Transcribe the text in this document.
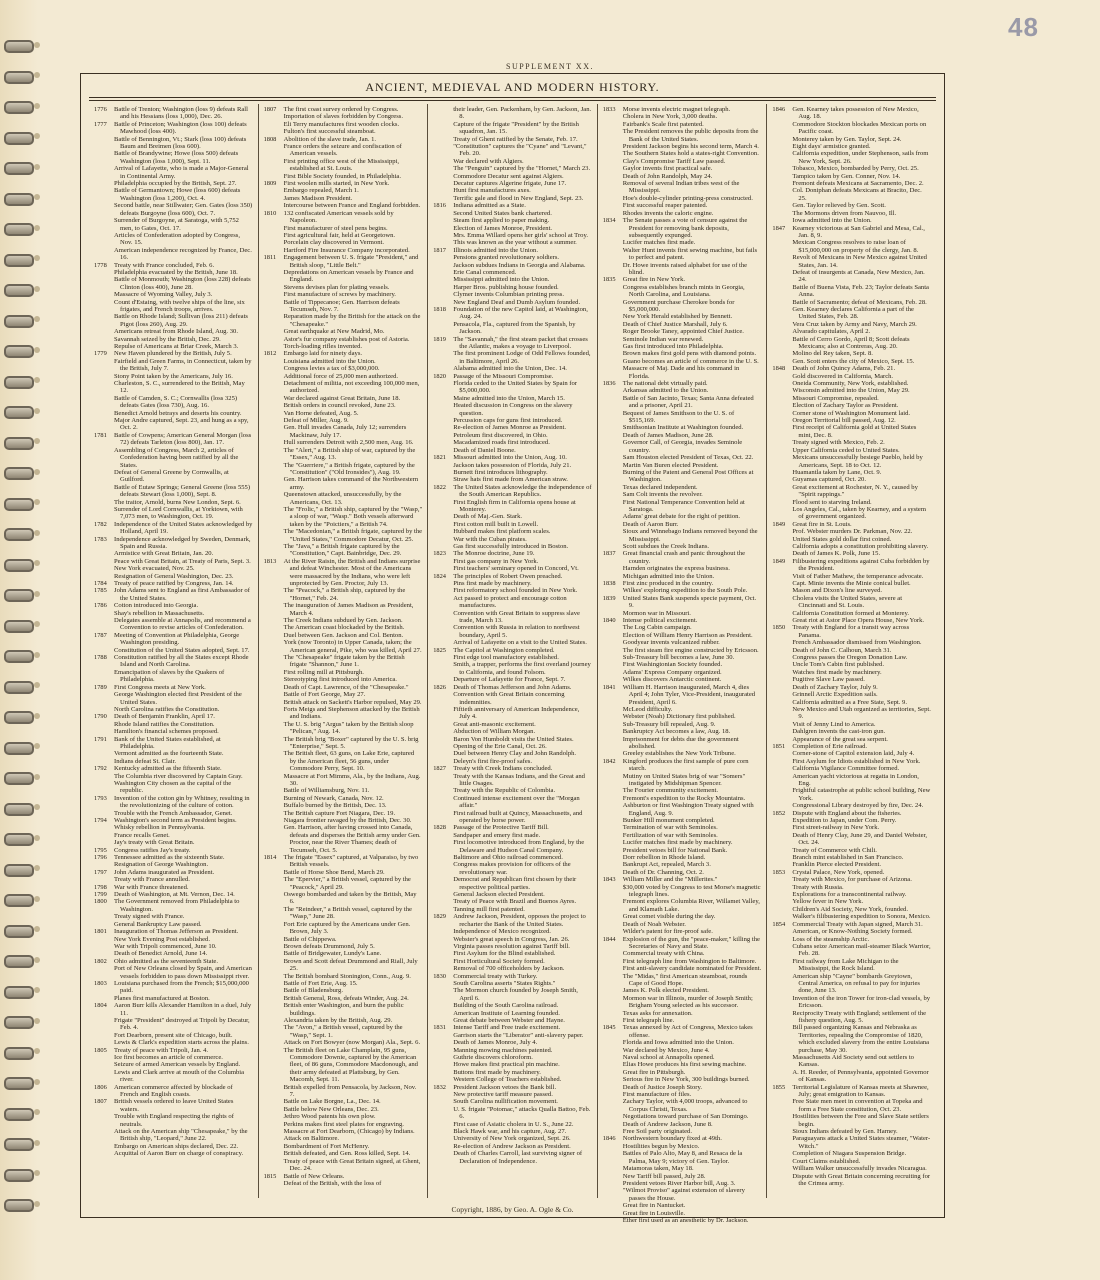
48
SUPPLEMENT XX.
ANCIENT, MEDIEVAL AND MODERN HISTORY.
1776	Battle of Trenton; Washington (loss 9) defeats Rall and his Hessians (loss 1,000), Dec. 26.
1777	Battle of Princeton; Washington (loss 100) defeats Mawhood (loss 400).
Battle of Bennington, Vt.; Stark (loss 100) defeats Baum and Breimen (loss 600).
Battle of Brandywine; Howe (loss 500) defeats Washington (loss 1,000), Sept. 11.
Arrival of Lafayette, who is made a Major-General in Continental Army.
Philadelphia occupied by the British, Sept. 27.
Battle of Germantown; Howe (loss 600) defeats Washington (loss 1,200), Oct. 4.
Second battle, near Stillwater; Gen. Gates (loss 350) defeats Burgoyne (loss 600), Oct. 7.
Surrender of Burgoyne, at Saratoga, with 5,752 men, to Gates, Oct. 17.
Articles of Confederation adopted by Congress, Nov. 15.
American independence recognized by France, Dec. 16.
1778	Treaty with France concluded, Feb. 6.
Philadelphia evacuated by the British, June 18.
Battle of Monmouth; Washington (loss 228) defeats Clinton (loss 400), June 28.
Massacre of Wyoming Valley, July 3.
Count d'Estaing, with twelve ships of the line, six frigates, and French troops, arrives.
Battle on Rhode Island; Sullivan (loss 211) defeats Pigot (loss 260), Aug. 29.
Americans retreat from Rhode Island, Aug. 30.
Savannah seized by the British, Dec. 29.
Repulse of Americans at Briar Creek, March 3.
1779	New Haven plundered by the British, July 5.
Fairfield and Green Farms, in Connecticut, taken by the British, July 7.
Stony Point taken by the Americans, July 16.
Charleston, S. C., surrendered to the British, May 12.
Battle of Camden, S. C.; Cornwallis (loss 325) defeats Gates (loss 730), Aug. 16.
Benedict Arnold betrays and deserts his country.
Major Andre captured, Sept. 23, and hung as a spy, Oct. 2.
1781	Battle of Cowpens; American General Morgan (loss 72) defeats Tarleton (loss 800), Jan. 17.
Assembling of Congress, March 2, articles of Confederation having been ratified by all the States.
Defeat of General Greene by Cornwallis, at Guilford.
Battle of Eutaw Springs; General Greene (loss 555) defeats Stewart (loss 1,000), Sept. 8.
The traitor, Arnold, burns New London, Sept. 6.
Surrender of Lord Cornwallis, at Yorktown, with 7,073 men, to Washington, Oct. 19.
1782	Independence of the United States acknowledged by Holland, April 19.
1783	Independence acknowledged by Sweden, Denmark, Spain and Russia.
Armistice with Great Britain, Jan. 20.
Peace with Great Britain, at Treaty of Paris, Sept. 3.
New York evacuated, Nov. 25.
Resignation of General Washington, Dec. 23.
1784	Treaty of peace ratified by Congress, Jan. 14.
1785	John Adams sent to England as first Ambassador of the United States.
1786	Cotton introduced into Georgia.
Shay's rebellion in Massachusetts.
Delegates assemble at Annapolis, and recommend a Convention to revise articles of Confederation.
1787	Meeting of Convention at Philadelphia, George Washington presiding.
Constitution of the United States adopted, Sept. 17.
1788	Constitution ratified by all the States except Rhode Island and North Carolina.
Emancipation of slaves by the Quakers of Philadelphia.
1789	First Congress meets at New York.
George Washington elected first President of the United States.
North Carolina ratifies the Constitution.
1790	Death of Benjamin Franklin, April 17.
Rhode Island ratifies the Constitution.
Hamilton's financial schemes proposed.
1791	Bank of the United States established, at Philadelphia.
Vermont admitted as the fourteenth State.
Indians defeat St. Clair.
1792	Kentucky admitted as the fifteenth State.
The Columbia river discovered by Captain Gray.
Washington City chosen as the capital of the republic.
1793	Invention of the cotton gin by Whitney, resulting in the revolutionizing of the culture of cotton.
Trouble with the French Ambassador, Genet.
1794	Washington's second term as President begins.
Whisky rebellion in Pennsylvania.
France recalls Genet.
Jay's treaty with Great Britain.
1795	Congress ratifies Jay's treaty.
1796	Tennessee admitted as the sixteenth State.
Resignation of George Washington.
1797	John Adams inaugurated as President.
Treaty with France annulled.
1798	War with France threatened.
1799	Death of Washington, at Mt. Vernon, Dec. 14.
1800	The Government removed from Philadelphia to Washington.
Treaty signed with France.
General Bankruptcy Law passed.
1801	Inauguration of Thomas Jefferson as President.
New York Evening Post established.
War with Tripoli commenced, June 10.
Death of Benedict Arnold, June 14.
1802	Ohio admitted as the seventeenth State.
Port of New Orleans closed by Spain, and American vessels forbidden to pass down Mississippi river.
1803	Louisiana purchased from the French; $15,000,000 paid.
Planes first manufactured at Boston.
1804	Aaron Burr kills Alexander Hamilton in a duel, July 11.
Frigate "President" destroyed at Tripoli by Decatur, Feb. 4.
Fort Dearborn, present site of Chicago, built.
Lewis & Clark's expedition starts across the plains.
1805	Treaty of peace with Tripoli, Jan. 4.
Ice first becomes an article of commerce.
Seizure of armed American vessels by England.
Lewis and Clark arrive at mouth of the Columbia river.
1806	American commerce affected by blockade of French and English coasts.
1807	British vessels ordered to leave United States waters.
Trouble with England respecting the rights of neutrals.
Attack on the American ship "Chesapeake," by the British ship, "Leopard," June 22.
Embargo on American ships declared, Dec. 22.
Acquittal of Aaron Burr on charge of conspiracy.
1807	The first coast survey ordered by Congress.
Importation of slaves forbidden by Congress.
Eli Terry manufactures first wooden clocks.
Fulton's first successful steamboat.
1808	Abolition of the slave trade, Jan. 1.
France orders the seizure and confiscation of American vessels.
First printing office west of the Mississippi, established at St. Louis.
First Bible Society founded, in Philadelphia.
1809	First woolen mills started, in New York.
Embargo repealed, March 1.
James Madison President.
Intercourse between France and England forbidden.
1810	132 confiscated American vessels sold by Napoleon.
First manufacturer of steel pens begins.
First agricultural fair, held at Georgetown.
Porcelain clay discovered in Vermont.
Hartford Fire Insurance Company incorporated.
1811	Engagement between U. S. frigate "President," and British sloop, "Little Belt."
Depredations on American vessels by France and England.
Stevens devises plan for plating vessels.
First manufacture of screws by machinery.
Battle of Tippecanoe; Gen. Harrison defeats Tecumseh, Nov. 7.
Reparation made by the British for the attack on the "Chesapeake."
Great earthquake at New Madrid, Mo.
Astor's fur company establishes post of Astoria.
Torch-loading rifles invented.
1812	Embargo laid for ninety days.
Louisiana admitted into the Union.
Congress levies a tax of $3,000,000.
Additional force of 25,000 men authorized.
Detachment of militia, not exceeding 100,000 men, authorized.
War declared against Great Britain, June 18.
British orders in council revoked, June 23.
Van Horne defeated, Aug. 5.
Defeat of Miller, Aug. 9.
Gen. Hull invades Canada, July 12; surrenders Mackinaw, July 17.
Hull surrenders Detroit with 2,500 men, Aug. 16.
The "Alert," a British ship of war, captured by the "Essex," Aug. 13.
The "Guerriere," a British frigate, captured by the "Constitution" ("Old Ironsides"), Aug. 19.
Gen. Harrison takes command of the Northwestern army.
Queenstown attacked, unsuccessfully, by the Americans, Oct. 13.
The "Frolic," a British ship, captured by the "Wasp," a sloop of war, "Wasp." Both vessels afterward taken by the "Poictiers," a British 74.
The "Macedonian," a British frigate, captured by the "United States," Commodore Decatur, Oct. 25.
The "Java," a British frigate captured by the "Constitution," Capt. Bainbridge, Dec. 29.
1813	At the River Raisin, the British and Indians surprise and defeat Winchester. Most of the Americans were massacred by the Indians, who were left unprotected by Gen. Proctor, July 13.
The "Peacock," a British ship, captured by the "Hornet," Feb. 24.
The inauguration of James Madison as President, March 4.
The Creek Indians subdued by Gen. Jackson.
The American coast blockaded by the British.
Duel between Gen. Jackson and Col. Benton.
York (now Toronto) in Upper Canada, taken; the American general, Pike, who was killed, April 27.
The "Chesapeake" frigate taken by the British frigate "Shannon," June 1.
First rolling mill at Pittsburgh.
Stereotyping first introduced into America.
Death of Capt. Lawrence, of the "Chesapeake."
Battle of Fort George, May 27.
British attack on Sackett's Harbor repulsed, May 29.
Forts Meigs and Stephenson attacked by the British and Indians.
The U. S. brig "Argus" taken by the British sloop "Pelican," Aug. 14.
The British brig "Boxer" captured by the U. S. brig "Enterprise," Sept. 5.
The British fleet, 63 guns, on Lake Erie, captured by the American fleet, 56 guns, under Commodore Perry, Sept. 10.
Massacre at Fort Mimms, Ala., by the Indians, Aug. 30.
Battle of Williamsburg, Nov. 11.
Burning of Newark, Canada, Nov. 12.
Buffalo burned by the British, Dec. 13.
The British capture Fort Niagara, Dec. 19.
Niagara frontier ravaged by the British, Dec. 30.
Gen. Harrison, after having crossed into Canada, defeats and disperses the British army under Gen. Proctor, near the River Thames; death of Tecumseh, Oct. 5.
1814	The frigate "Essex" captured, at Valparaiso, by two British vessels.
Battle of Horse Shoe Bend, March 29.
The "Epervier," a British vessel, captured by the "Peacock," April 29.
Oswego bombarded and taken by the British, May 6.
The "Reindeer," a British vessel, captured by the "Wasp," June 28.
Fort Erie captured by the Americans under Gen. Brown, July 3.
Battle of Chippewa.
Brown defeats Drummond, July 5.
Battle of Bridgewater, Lundy's Lane.
Brown and Scott defeat Drummond and Riall, July 25.
The British bombard Stonington, Conn., Aug. 9.
Battle of Fort Erie, Aug. 15.
Battle of Bladensburg.
British General, Ross, defeats Winder, Aug. 24.
British enter Washington, and burn the public buildings.
Alexandria taken by the British, Aug. 29.
The "Avon," a British vessel, captured by the "Wasp," Sept. 1.
Attack on Fort Bowyer (now Morgan) Ala., Sept. 6.
The British fleet on Lake Champlain, 95 guns, Commodore Downie, captured by the American fleet, of 86 guns, Commodore Macdonough, and their army defeated at Plattsburg, by Gen. Macomb, Sept. 11.
British expelled from Pensacola, by Jackson, Nov. 7.
Battle on Lake Borgne, La., Dec. 14.
Battle below New Orleans, Dec. 23.
Jethro Wood patents his own plow.
Perkins makes first steel plates for engraving.
Massacre at Fort Dearborn, (Chicago) by Indians.
Attack on Baltimore.
Bombardment of Fort McHenry.
British defeated, and Gen. Ross killed, Sept. 14.
Treaty of peace with Great Britain signed, at Ghent, Dec. 24.
1815	Battle of New Orleans.
Defeat of the British, with the loss of
their leader, Gen. Packenham, by Gen. Jackson, Jan. 8.
Capture of the frigate "President" by the British squadron, Jan. 15.
Treaty of Ghent ratified by the Senate, Feb. 17.
"Constitution" captures the "Cyane" and "Levant," Feb. 20.
War declared with Algiers.
The "Penguin" captured by the "Hornet," March 23.
Commodore Decatur sent against Algiers.
Decatur captures Algerine frigate, June 17.
Hunt first manufactures axes.
Terrific gale and flood in New England, Sept. 23.
1816	Indiana admitted as a State.
Second United States bank chartered.
Steam first applied to paper making.
Election of James Monroe, President.
Mrs. Emma Willard opens her girls' school at Troy.
This was known as the year without a summer.
1817	Illinois admitted into the Union.
Pensions granted revolutionary soldiers.
Jackson subdues Indians in Georgia and Alabama.
Erie Canal commenced.
Mississippi admitted into the Union.
Harper Bros. publishing house founded.
Clymer invents Columbian printing press.
New England Deaf and Dumb Asylum founded.
1818	Foundation of the new Capitol laid, at Washington, Aug. 24.
Pensacola, Fla., captured from the Spanish, by Jackson.
1819	The "Savannah," the first steam packet that crosses the Atlantic, makes a voyage to Liverpool.
The first prominent Lodge of Odd Fellows founded, in Baltimore, April 26.
Alabama admitted into the Union, Dec. 14.
1820	Passage of the Missouri Compromise.
Florida ceded to the United States by Spain for $5,000,000.
Maine admitted into the Union, March 15.
Heated discussion in Congress on the slavery question.
Percussion caps for guns first introduced.
Re-election of James Monroe as President.
Petroleum first discovered, in Ohio.
Macadamized roads first introduced.
Death of Daniel Boone.
1821	Missouri admitted into the Union, Aug. 10.
Jackson takes possession of Florida, July 21.
Burnett first introduces lithography.
Straw hats first made from American straw.
1822	The United States acknowledge the independence of the South American Republics.
First English firm in California opens house at Monterey.
Death of Maj.-Gen. Stark.
First cotton mill built in Lowell.
Hubbard makes first platform scales.
War with the Cuban pirates.
Gas first successfully introduced in Boston.
1823	The Monroe doctrine, June 19.
First gas company in New York.
First teachers' seminary opened in Concord, Vt.
1824	The principles of Robert Owen preached.
Pins first made by machinery.
First reformatory school founded in New York.
Act passed to protect and encourage cotton manufactures.
Convention with Great Britain to suppress slave trade, March 13.
Convention with Russia in relation to northwest boundary, April 5.
Arrival of Lafayette on a visit to the United States.
1825	The Capitol at Washington completed.
First edge tool manufactory established.
Smith, a trapper, performs the first overland journey to California, and found Folsom.
Departure of Lafayette for France, Sept. 7.
1826	Death of Thomas Jefferson and John Adams.
Convention with Great Britain concerning indemnities.
Fiftieth anniversary of American Independence, July 4.
Great anti-masonic excitement.
Abduction of William Morgan.
Baron Von Humboldt visits the United States.
Opening of the Erie Canal, Oct. 26.
Duel between Henry Clay and John Randolph.
Deleyn's first fire-proof safes.
1827	Treaty with Creek Indians concluded.
Treaty with the Kansas Indians, and the Great and little Osages.
Treaty with the Republic of Colombia.
Continued intense excitement over the "Morgan affair."
First railroad built at Quincy, Massachusetts, and operated by horse power.
1828	Passage of the Protective Tariff Bill.
Sandpaper and emery first made.
First locomotive introduced from England, by the Delaware and Hudson Canal Company.
Baltimore and Ohio railroad commenced.
Congress makes provision for officers of the revolutionary war.
Democrat and Republican first chosen by their respective political parties.
General Jackson elected President.
Treaty of Peace with Brazil and Buenos Ayres.
Tanning mill first patented.
1829	Andrew Jackson, President, opposes the project to recharter the Bank of the United States.
Independence of Mexico recognized.
Webster's great speech in Congress, Jan. 26.
Virginia passes resolution against Tariff bill.
First Asylum for the Blind established.
First Horticultural Society formed.
Removal of 700 officeholders by Jackson.
1830	Commercial treaty with Turkey.
South Carolina asserts "States Rights."
The Mormon church founded by Joseph Smith, April 6.
Building of the South Carolina railroad.
American Institute of Learning founded.
Great debate between Webster and Hayne.
1831	Intense Tariff and Free trade excitement.
Garrison starts the "Liberator" anti-slavery paper.
Death of James Monroe, July 4.
Manning mowing machines patented.
Guthrie discovers chloroform.
Howe makes first practical pin machine.
Buttons first made by machinery.
Western College of Teachers established.
1832	President Jackson vetoes the Bank bill.
New protective tariff measure passed.
South Carolina nullification movement.
U. S. frigate "Potomac," attacks Qualla Battoo, Feb. 6.
First case of Asiatic cholera in U. S., June 22.
Black Hawk war, and his capture, Aug. 27.
University of New York organized, Sept. 26.
Re-election of Andrew Jackson as President.
Death of Charles Carroll, last surviving signer of Declaration of Independence.
1833	Morse invents electric magnet telegraph.
Cholera in New York, 3,000 deaths.
Fairbank's Scale first patented.
The President removes the public deposits from the Bank of the United States.
President Jackson begins his second term, March 4.
The Southern States hold a states-right Convention.
Clay's Compromise Tariff Law passed.
Gaylor invents first practical safe.
Death of John Randolph, May 24.
Removal of several Indian tribes west of the Mississippi.
Hoe's double-cylinder printing-press constructed.
First successful reaper patented.
Rhodes invents the caloric engine.
1834	The Senate passes a vote of censure against the President for removing bank deposits, subsequently expunged.
Lucifer matches first made.
Walter Hunt invents first sewing machine, but fails to perfect and patent.
Dr. Howe invents raised alphabet for use of the blind.
1835	Great fire in New York.
Congress establishes branch mints in Georgia, North Carolina, and Louisiana.
Government purchase Cherokee bonds for $5,000,000.
New York Herald established by Bennett.
Death of Chief Justice Marshall, July 6.
Roger Brooke Taney, appointed Chief Justice.
Seminole Indian war renewed.
Gas first introduced into Philadelphia.
Brown makes first gold pens with diamond points.
Guano becomes an article of commerce in the U. S.
Massacre of Maj. Dade and his command in Florida.
1836	The national debt virtually paid.
Arkansas admitted to the Union.
Battle of San Jacinto, Texas; Santa Anna defeated and a prisoner, April 21.
Bequest of James Smithson to the U. S. of $515,169.
Smithsonian Institute at Washington founded.
Death of James Madison, June 28.
Governor Call, of Georgia, invades Seminole country.
Sam Houston elected President of Texas, Oct. 22.
Martin Van Buren elected President.
Burning of the Patent and General Post Offices at Washington.
Texas declared independent.
Sam Colt invents the revolver.
First National Temperance Convention held at Saratoga.
Adams' great debate for the right of petition.
Death of Aaron Burr.
Sioux and Winnebago Indians removed beyond the Mississippi.
Scott subdues the Creek Indians.
1837	Great financial crash and panic throughout the country.
Harnden originates the express business.
Michigan admitted into the Union.
1838	First zinc produced in the country.
Wilkes' exploring expedition to the South Pole.
1839	United States Bank suspends specie payment, Oct. 9.
Mormon war in Missouri.
1840	Intense political excitement.
The Log Cabin campaign.
Election of William Henry Harrison as President.
Goodyear invents vulcanized rubber.
The first steam fire engine constructed by Ericsson.
Sub-Treasury bill becomes a law, June 30.
First Washingtonian Society founded.
Adams' Express Company organized.
Wilkes discovers Antarctic continent.
1841	William H. Harrison inaugurated, March 4, dies April 4; John Tyler, Vice-President, inaugurated President, April 6.
McLeod difficulty.
Webster (Noah) Dictionary first published.
Sub-Treasury bill repealed, Aug. 9.
Bankruptcy Act becomes a law, Aug. 18.
Imprisonment for debts due the government abolished.
Greeley establishes the New York Tribune.
1842	Kingford produces the first sample of pure corn starch.
Mutiny on United States brig of war "Somers" instigated by Midshipman Spencer.
The Fourier community excitement.
Fremont's expedition to the Rocky Mountains.
Ashburton or first Washington Treaty signed with England, Aug. 9.
Bunker Hill monument completed.
Termination of war with Seminoles.
Fertilization of war with Seminoles.
Lucifer matches first made by machinery.
President vetoes bill for National Bank.
Dorr rebellion in Rhode Island.
Bankrupt Act, repealed, March 3.
Death of Dr. Channing, Oct. 2.
1843	William Miller and the "Millerites."
$30,000 voted by Congress to test Morse's magnetic telegraph lines.
Fremont explores Columbia River, Willamet Valley, and Klamath Lake.
Great comet visible during the day.
Death of Noah Webster.
Wilder's patent for fire-proof safe.
1844	Explosion of the gun, the "peace-maker," killing the Secretaries of Navy and State.
Commercial treaty with China.
First telegraph line from Washington to Baltimore.
First anti-slavery candidate nominated for President.
The "Midas," first American steamboat, rounds Cape of Good Hope.
James K. Polk elected President.
Mormon war in Illinois, murder of Joseph Smith; Brigham Young selected as his successor.
Texas asks for annexation.
First telegraph line.
1845	Texas annexed by Act of Congress, Mexico takes offense.
Florida and Iowa admitted into the Union.
War declared by Mexico, June 4.
Naval school at Annapolis opened.
Elias Howe produces his first sewing machine.
Great fire in Pittsburgh.
Serious fire in New York, 300 buildings burned.
Death of Justice Joseph Story.
First manufacture of files.
Zachary Taylor, with 4,000 troops, advanced to Corpus Christi, Texas.
Negotiations toward purchase of San Domingo.
Death of Andrew Jackson, June 8.
Free Soil party originated.
1846	Northwestern boundary fixed at 49th.
Hostilities begun by Mexico.
Battles of Palo Alto, May 8, and Resaca de la Palma, May 9; victory of Gen. Taylor.
Matamoras taken, May 18.
New Tariff bill passed, July 28.
President vetoes River Harbor bill, Aug. 3.
"Wilmot Proviso" against extension of slavery passes the House.
Great fire in Nantucket.
Great fire in Louisville.
Ether first used as an anesthetic by Dr. Jackson.
1846	Gen. Kearney takes possession of New Mexico, Aug. 18.
Commodore Stockton blockades Mexican ports on Pacific coast.
Monterey taken by Gen. Taylor, Sept. 24.
Eight days' armistice granted.
California expedition, under Stephenson, sails from New York, Sept. 26.
Tobasco, Mexico, bombarded by Perry, Oct. 25.
Tampico taken by Gen. Conner, Nov. 14.
Fremont defeats Mexicans at Sacramento, Dec. 2.
Col. Doniphan defeats Mexicans at Bracito, Dec. 25.
Gen. Taylor relieved by Gen. Scott.
The Mormons driven from Nauvoo, Ill.
Iowa admitted into the Union.
1847	Kearney victorious at San Gabriel and Mesa, Cal., Jan. 8, 9.
Mexican Congress resolves to raise loan of $15,000,000 on property of the clergy, Jan. 8.
Revolt of Mexicans in New Mexico against United States, Jan. 14.
Defeat of insurgents at Canada, New Mexico, Jan. 24.
Battle of Buena Vista, Feb. 23; Taylor defeats Santa Anna.
Battle of Sacramento; defeat of Mexicans, Feb. 28.
Gen. Kearney declares California a part of the United States, Feb. 28.
Vera Cruz taken by Army and Navy, March 29.
Alvarado capitulates, April 2.
Battle of Cerro Gordo, April 8; Scott defeats Mexicans; also at Contreras, Aug. 20.
Molino del Rey taken, Sept. 8.
Gen. Scott enters the city of Mexico, Sept. 15.
1848	Death of John Quincy Adams, Feb. 21.
Gold discovered in California, March.
Oneida Community, New York, established.
Wisconsin admitted into the Union, May 29.
Missouri Compromise, repealed.
Election of Zachary Taylor as President.
Corner stone of Washington Monument laid.
Oregon Territorial bill passed, Aug. 12.
First receipt of California gold at United States mint, Dec. 8.
Treaty signed with Mexico, Feb. 2.
Upper California ceded to United States.
Mexicans unsuccessfully besiege Pueblo, held by Americans, Sept. 18 to Oct. 12.
Huamantla taken by Lane, Oct. 9.
Guyamas captured, Oct. 20.
Great excitement at Rochester, N. Y., caused by "Spirit rappings."
Flood sent to starving Ireland.
Los Angeles, Cal., taken by Kearney, and a system of government organized.
1849	Great fire in St. Louis.
Prof. Webster murders Dr. Parkman, Nov. 22.
United States gold dollar first coined.
California adopts a constitution prohibiting slavery.
Death of James K. Polk, June 15.
1849	Filibustering expeditions against Cuba forbidden by the President.
Visit of Father Mathew, the temperance advocate.
Capt. Minie invents the Minie conical bullet.
Mason and Dixon's line surveyed.
Cholera visits the United States, severe at Cincinnati and St. Louis.
California Constitution formed at Monterey.
Great riot at Astor Place Opera House, New York.
1850	Treaty with England for a transit way across Panama.
French Ambassador dismissed from Washington.
Death of John C. Calhoun, March 31.
Congress passes the Oregon Donation Law.
Uncle Tom's Cabin first published.
Watches first made by machinery.
Fugitive Slave Law passed.
Death of Zachary Taylor, July 9.
Grinnell Arctic Expedition sails.
California admitted as a Free State, Sept. 9.
New Mexico and Utah organized as territories, Sept. 9.
Visit of Jenny Lind to America.
Dahlgren invents the cast-iron gun.
Appearance of the great sea serpent.
1851	Completion of Erie railroad.
Corner-stone of Capitol extension laid, July 4.
First Asylum for Idiots established in New York.
California Vigilance Committee formed.
American yacht victorious at regatta in London, Eng.
Frightful catastrophe at public school building, New York.
Congressional Library destroyed by fire, Dec. 24.
1852	Dispute with England about the fisheries.
Expedition to Japan, under Com. Perry.
First street-railway in New York.
Death of Henry Clay, June 29, and Daniel Webster, Oct. 24.
Treaty of Commerce with Chili.
Branch mint established in San Francisco.
Franklin Pierce elected President.
1853	Crystal Palace, New York, opened.
Treaty with Mexico, for purchase of Arizona.
Treaty with Russia.
Explorations for a transcontinental railway.
Yellow fever in New York.
Children's Aid Society, New York, founded.
Walker's filibustering expedition to Sonora, Mexico.
1854	Commercial Treaty with Japan signed, March 31.
American, or Know-Nothing Society formed.
Loss of the steamship Arctic.
Cubans seize American mail-steamer Black Warrior, Feb. 28.
First railway from Lake Michigan to the Mississippi, the Rock Island.
American ship "Cayne" bombards Greytown, Central America, on refusal to pay for injuries done, June 13.
Invention of the iron Tower for iron-clad vessels, by Ericsson.
Reciprocity Treaty with England; settlement of the fishery question, Aug. 5.
Bill passed organizing Kansas and Nebraska as Territories, repealing the Compromise of 1820, which excluded slavery from the entire Louisiana purchase, May 30.
Massachusetts Aid Society send out settlers to Kansas.
A. H. Reeder, of Pennsylvania, appointed Governor of Kansas.
1855	Territorial Legislature of Kansas meets at Shawnee, July; great emigration to Kansas.
Free State men meet in convention at Topeka and form a Free State constitution, Oct. 23.
Hostilities between the Free and Slave State settlers begin.
Sioux Indians defeated by Gen. Harney.
Paraguayans attack a United States steamer, "Water-Witch."
Completion of Niagara Suspension Bridge.
Court Claims established.
William Walker unsuccessfully invades Nicaragua.
Dispute with Great Britain concerning recruiting for the Crimea army.
Copyright, 1886, by Geo. A. Ogle & Co.
